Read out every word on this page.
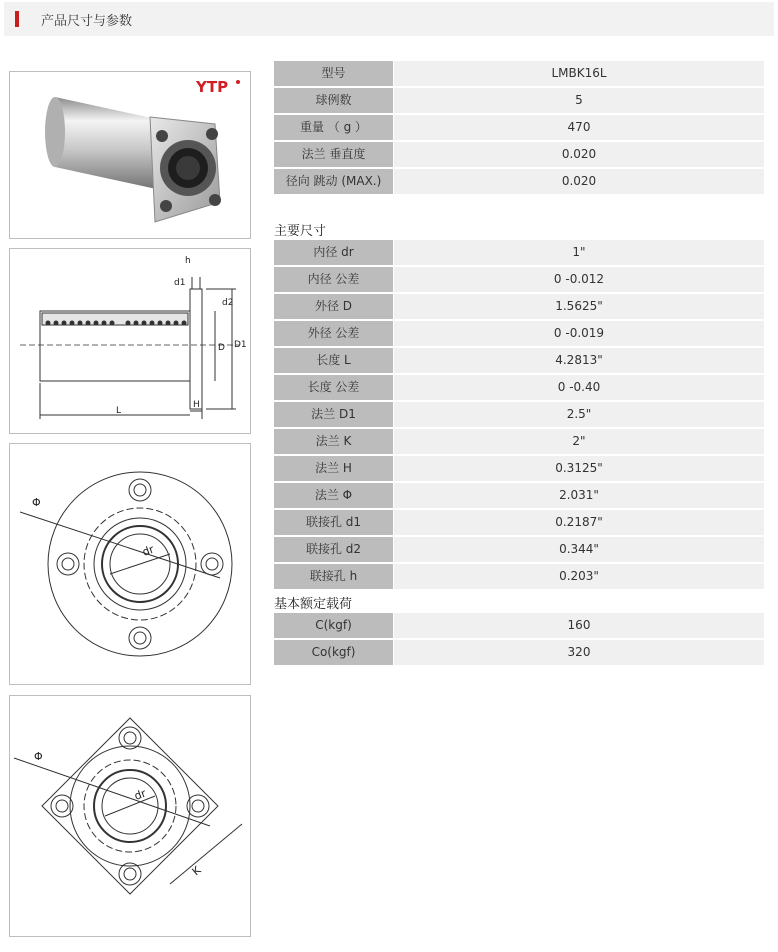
产品尺寸与参数
YTP
L
H
D D1
h
d1
d2
Φ
dr
Φ
dr
K
型号	LMBK16L
球例数	5
重量 （ g ）	470
法兰 垂直度	0.020
径向 跳动 (MAX.)	0.020
主要尺寸
内径 dr	1"
内径 公差	0 -0.012
外径 D	1.5625"
外径 公差	0 -0.019
长度 L	4.2813"
长度 公差	0 -0.40
法兰 D1	2.5"
法兰 K	2"
法兰 H	0.3125"
法兰 Φ	2.031"
联接孔 d1	0.2187"
联接孔 d2	0.344"
联接孔 h	0.203"
基本额定载荷
C(kgf)	160
Co(kgf)	320
